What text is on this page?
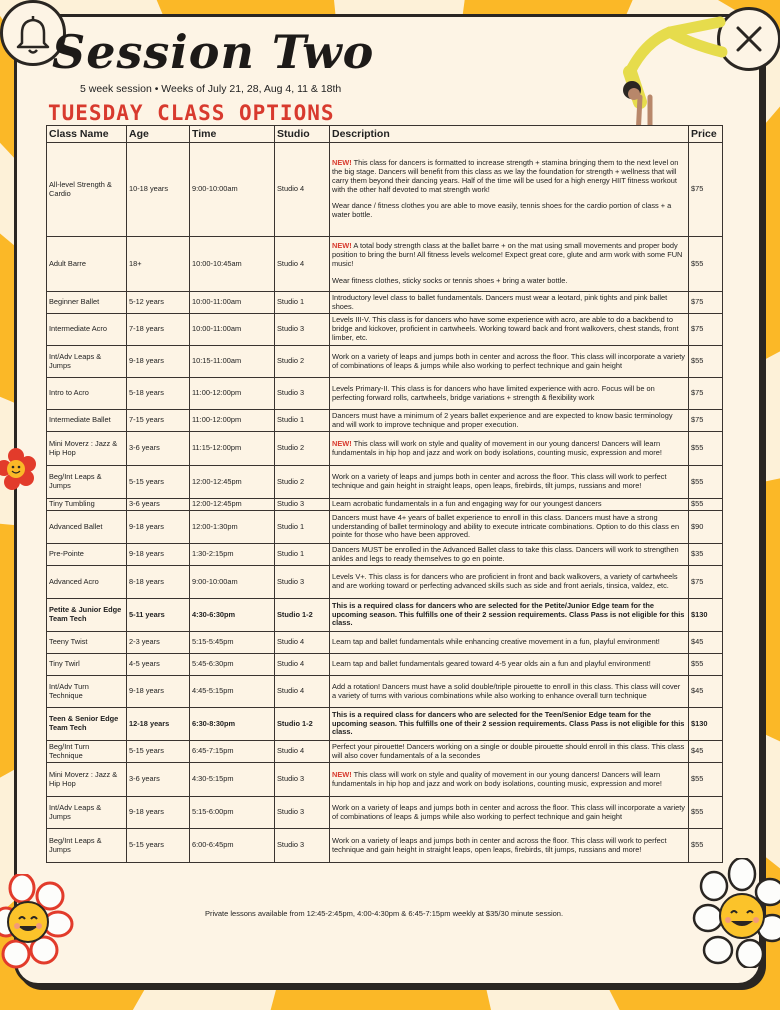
Session Two
5 week session • Weeks of July 21, 28, Aug 4, 11 & 18th
TUESDAY CLASS OPTIONS
Class Name	Age	Time	Studio	Description	Price
All-level Strength & Cardio	10-18 years	9:00-10:00am	Studio 4	NEW! This class for dancers is formatted to increase strength + stamina bringing them to the next level on the big stage. Dancers will benefit from this class as we lay the foundation for strength + wellness that will carry them beyond their dancing years. Half of the time will be used for a high energy HIIT fitness workout with the other half devoted to mat strength work!
Wear dance / fitness clothes you are able to move easily, tennis shoes for the cardio portion of class + a water bottle.	$75
Adult Barre	18+	10:00-10:45am	Studio 4	NEW! A total body strength class at the ballet barre + on the mat using small movements and proper body position to bring the burn! All fitness levels welcome! Expect great core, glute and arm work with some FUN music!
Wear fitness clothes, sticky socks or tennis shoes + bring a water bottle.	$55
Beginner Ballet	5-12 years	10:00-11:00am	Studio 1	Introductory level class to ballet fundamentals. Dancers must wear a leotard, pink tights and pink ballet shoes.	$75
Intermediate Acro	7-18 years	10:00-11:00am	Studio 3	Levels III-V. This class is for dancers who have some experience with acro, are able to do a backbend to bridge and kickover, proficient in cartwheels. Working toward back and front walkovers, chest stands, front limber, etc.	$75
Int/Adv Leaps & Jumps	9-18 years	10:15-11:00am	Studio 2	Work on a variety of leaps and jumps both in center and across the floor. This class will incorporate a variety of combinations of leaps & jumps while also working to perfect technique and gain height	$55
Intro to Acro	5-18 years	11:00-12:00pm	Studio 3	Levels Primary-II. This class is for dancers who have limited experience with acro. Focus will be on perfecting forward rolls, cartwheels, bridge variations + strength & flexibility work	$75
Intermediate Ballet	7-15 years	11:00-12:00pm	Studio 1	Dancers must have a minimum of 2 years ballet experience and are expected to know basic terminology and will work to improve technique and proper execution.	$75
Mini Moverz : Jazz & Hip Hop	3-6 years	11:15-12:00pm	Studio 2	NEW! This class will work on style and quality of movement in our young dancers! Dancers will learn fundamentals in hip hop and jazz and work on body isolations, counting music, expression and more!	$55
Beg/Int Leaps & Jumps	5-15 years	12:00-12:45pm	Studio 2	Work on a variety of leaps and jumps both in center and across the floor. This class will work to perfect technique and gain height in straight leaps, open leaps, firebirds, tilt jumps, russians and more!	$55
Tiny Tumbling	3-6 years	12:00-12:45pm	Studio 3	Learn acrobatic fundamentals in a fun and engaging way for our youngest dancers	$55
Advanced Ballet	9-18 years	12:00-1:30pm	Studio 1	Dancers must have 4+ years of ballet experience to enroll in this class. Dancers must have a strong understanding of ballet terminology and ability to execute intricate combinations. Option to do this class en pointe for those who have been approved.	$90
Pre-Pointe	9-18 years	1:30-2:15pm	Studio 1	Dancers MUST be enrolled in the Advanced Ballet class to take this class. Dancers will work to strengthen ankles and legs to ready themselves to go en pointe.	$35
Advanced Acro	8-18 years	9:00-10:00am	Studio 3	Levels V+. This class is for dancers who are proficient in front and back walkovers, a variety of cartwheels and are working toward or perfecting advanced skills such as side and front aerials, tinsica, valdez, etc.	$75
Petite & Junior Edge Team Tech	5-11 years	4:30-6:30pm	Studio 1-2	This is a required class for dancers who are selected for the Petite/Junior Edge team for the upcoming season. This fulfills one of their 2 session requirements. Class Pass is not eligible for this class.	$130
Teeny Twist	2-3 years	5:15-5:45pm	Studio 4	Learn tap and ballet fundamentals while enhancing creative movement in a fun, playful environment!	$45
Tiny Twirl	4-5 years	5:45-6:30pm	Studio 4	Learn tap and ballet fundamentals geared toward 4-5 year olds ain a fun and playful environment!	$55
Int/Adv Turn Technique	9-18 years	4:45-5:15pm	Studio 4	Add a rotation! Dancers must have a solid double/triple pirouette to enroll in this class. This class will cover a variety of turns with various combinations while also working to enhance overall turn technique	$45
Teen & Senior Edge Team Tech	12-18 years	6:30-8:30pm	Studio 1-2	This is a required class for dancers who are selected for the Teen/Senior Edge team for the upcoming season. This fulfills one of their 2 session requirements. Class Pass is not eligible for this class.	$130
Beg/Int Turn Technique	5-15 years	6:45-7:15pm	Studio 4	Perfect your pirouette! Dancers working on a single or double pirouette should enroll in this class. This class will also cover fundamentals of a la secondes	$45
Mini Moverz : Jazz & Hip Hop	3-6 years	4:30-5:15pm	Studio 3	NEW! This class will work on style and quality of movement in our young dancers! Dancers will learn fundamentals in hip hop and jazz and work on body isolations, counting music, expression and more!	$55
Int/Adv Leaps & Jumps	9-18 years	5:15-6:00pm	Studio 3	Work on a variety of leaps and jumps both in center and across the floor. This class will incorporate a variety of combinations of leaps & jumps while also working to perfect technique and gain height	$55
Beg/Int Leaps & Jumps	5-15 years	6:00-6:45pm	Studio 3	Work on a variety of leaps and jumps both in center and across the floor. This class will work to perfect technique and gain height in straight leaps, open leaps, firebirds, tilt jumps, russians and more!	$55
Private lessons available from 12:45-2:45pm, 4:00-4:30pm & 6:45-7:15pm weekly at $35/30 minute session.
